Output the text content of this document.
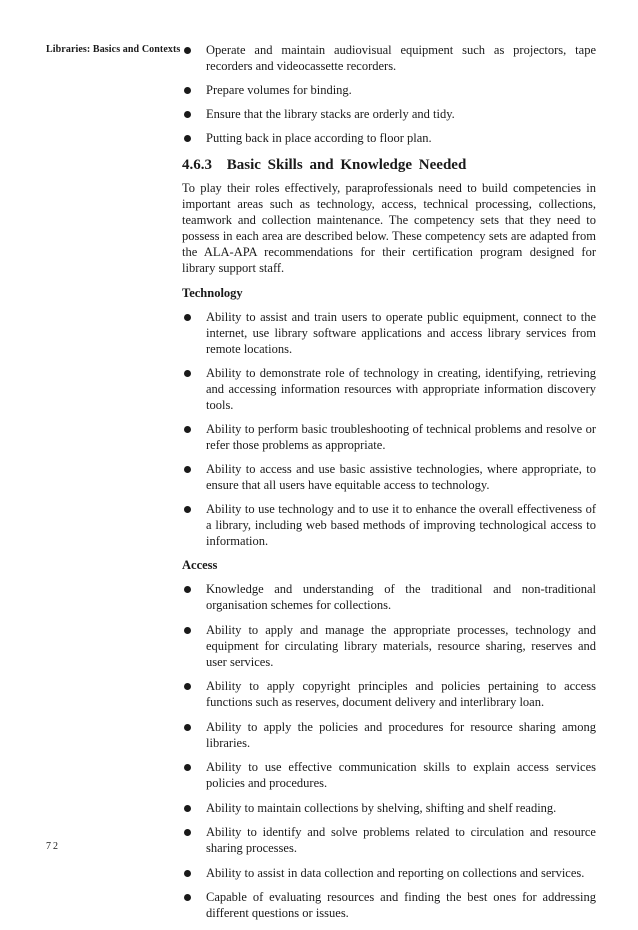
Libraries: Basics and Contexts
72
Operate and maintain audiovisual equipment such as projectors, tape recorders and videocassette recorders.
Prepare volumes for binding.
Ensure that the library stacks are orderly and tidy.
Putting back in place according to floor plan.
4.6.3 Basic Skills and Knowledge Needed

To play their roles effectively, paraprofessionals need to build competencies in important areas such as technology, access, technical processing, collections, teamwork and collection maintenance. The competency sets that they need to possess in each area are described below. These competency sets are adapted from the ALA-APA recommendations for their certification program designed for library support staff.

Technology
Ability to assist and train users to operate public equipment, connect to the internet, use library software applications and access library services from remote locations.
Ability to demonstrate role of technology in creating, identifying, retrieving and accessing information resources with appropriate information discovery tools.
Ability to perform basic troubleshooting of technical problems and resolve or refer those problems as appropriate.
Ability to access and use basic assistive technologies, where appropriate, to ensure that all users have equitable access to technology.
Ability to use technology and to use it to enhance the overall effectiveness of a library, including web based methods of improving technological access to information.
Access
Knowledge and understanding of the traditional and non-traditional organisation schemes for collections.
Ability to apply and manage the appropriate processes, technology and equipment for circulating library materials, resource sharing, reserves and user services.
Ability to apply copyright principles and policies pertaining to access functions such as reserves, document delivery and interlibrary loan.
Ability to apply the policies and procedures for resource sharing among libraries.
Ability to use effective communication skills to explain access services policies and procedures.
Ability to maintain collections by shelving, shifting and shelf reading.
Ability to identify and solve problems related to circulation and resource sharing processes.
Ability to assist in data collection and reporting on collections and services.
Capable of evaluating resources and finding the best ones for addressing different questions or issues.
